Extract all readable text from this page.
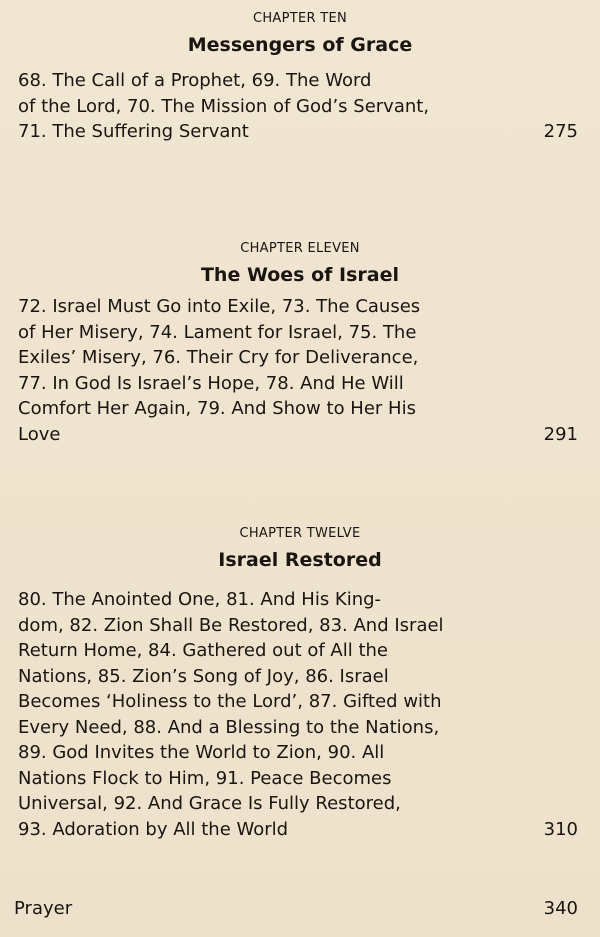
CHAPTER TEN

Messengers of Grace

68. The Call of a Prophet, 69. The Word
of the Lord, 70. The Mission of God’s Servant,
71. The Suffering Servant	275

CHAPTER ELEVEN

The Woes of Israel

72. Israel Must Go into Exile, 73. The Causes
of Her Misery, 74. Lament for Israel, 75. The
Exiles’ Misery, 76. Their Cry for Deliverance,
77. In God Is Israel’s Hope, 78. And He Will
Comfort Her Again, 79. And Show to Her His
Love	291

CHAPTER TWELVE

Israel Restored

80. The Anointed One, 81. And His King-
dom, 82. Zion Shall Be Restored, 83. And Israel
Return Home, 84. Gathered out of All the
Nations, 85. Zion’s Song of Joy, 86. Israel
Becomes ‘Holiness to the Lord’, 87. Gifted with
Every Need, 88. And a Blessing to the Nations,
89. God Invites the World to Zion, 90. All
Nations Flock to Him, 91. Peace Becomes
Universal, 92. And Grace Is Fully Restored,
93. Adoration by All the World	310
Prayer	340
